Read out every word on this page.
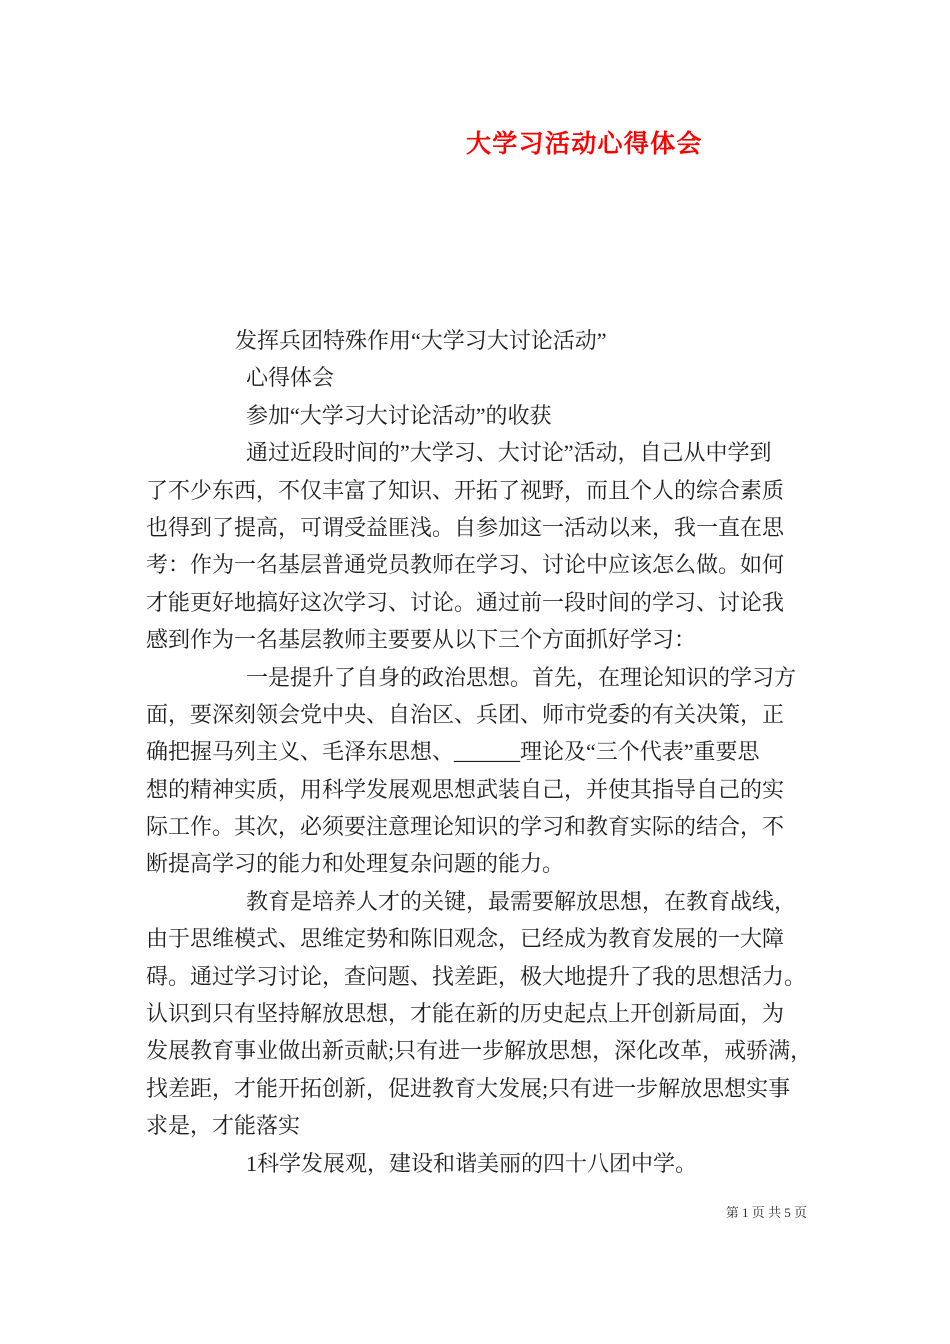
大学习活动心得体会
发挥兵团特殊作用“大学习大讨论活动”
心得体会
参加“大学习大讨论活动”的收获
通过近段时间的”大学习、大讨论”活动，自己从中学到
了不少东西，不仅丰富了知识、开拓了视野，而且个人的综合素质
也得到了提高，可谓受益匪浅。自参加这一活动以来，我一直在思
考：作为一名基层普通党员教师在学习、讨论中应该怎么做。如何
才能更好地搞好这次学习、讨论。通过前一段时间的学习、讨论我
感到作为一名基层教师主要要从以下三个方面抓好学习：
一是提升了自身的政治思想。首先，在理论知识的学习方
面，要深刻领会党中央、自治区、兵团、师市党委的有关决策，正
确把握马列主义、毛泽东思想、______理论及“三个代表”重要思
想的精神实质，用科学发展观思想武装自己，并使其指导自己的实
际工作。其次，必须要注意理论知识的学习和教育实际的结合，不
断提高学习的能力和处理复杂问题的能力。
教育是培养人才的关键，最需要解放思想，在教育战线，
由于思维模式、思维定势和陈旧观念，已经成为教育发展的一大障
碍。通过学习讨论，查问题、找差距，极大地提升了我的思想活力。
认识到只有坚持解放思想，才能在新的历史起点上开创新局面，为
发展教育事业做出新贡献;只有进一步解放思想，深化改革，戒骄满，
找差距，才能开拓创新，促进教育大发展;只有进一步解放思想实事
求是，才能落实
1科学发展观，建设和谐美丽的四十八团中学。
第 1 页 共 5 页
